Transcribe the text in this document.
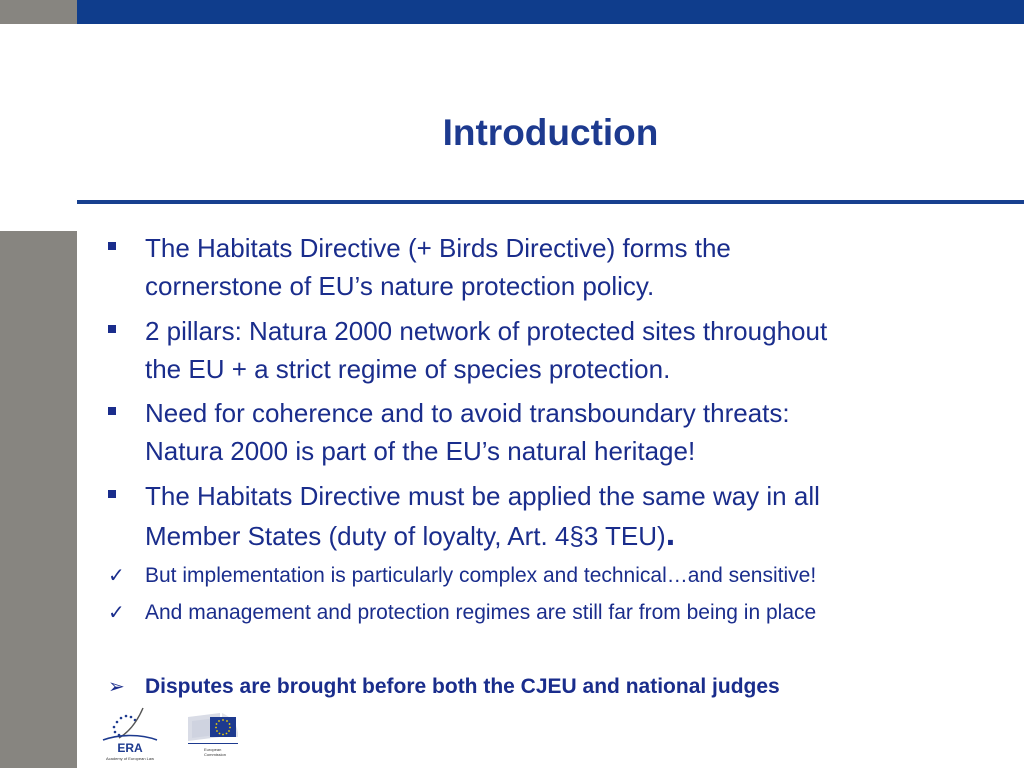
Introduction
The Habitats Directive (+ Birds Directive) forms the
cornerstone of EU’s nature protection policy.
2 pillars: Natura 2000 network of protected sites throughout
the EU + a strict regime of species protection.
Need for coherence and to avoid transboundary threats:
Natura 2000 is part of the EU’s natural heritage!
The Habitats Directive must be applied the same way in all
Member States (duty of loyalty, Art. 4§3 TEU).
✓ But implementation is particularly complex and technical…and sensitive!
✓ And management and protection regimes are still far from being in place
➢ Disputes are brought before both the CJEU and national judges
ERA
Academy of European Law
European
Commission
